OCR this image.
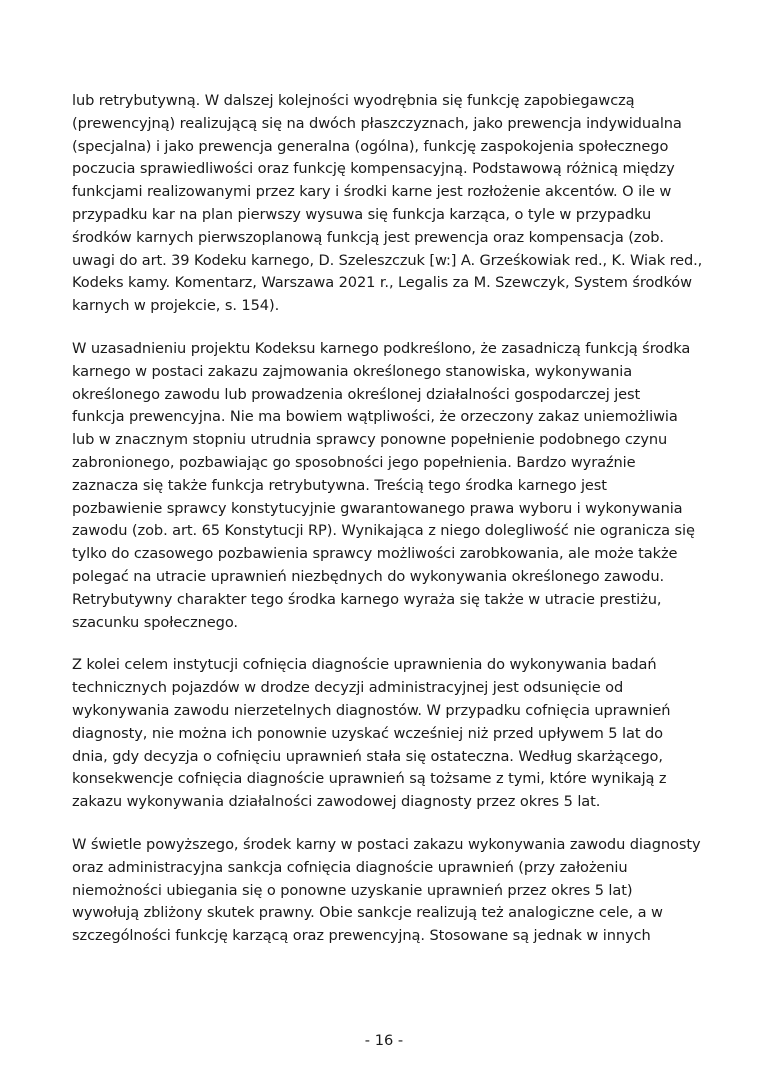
lub retrybutywną. W dalszej kolejności wyodrębnia się funkcję zapobiegawczą
(prewencyjną) realizującą się na dwóch płaszczyznach, jako prewencja indywidualna
(specjalna) i jako prewencja generalna (ogólna), funkcję zaspokojenia społecznego
poczucia sprawiedliwości oraz funkcję kompensacyjną. Podstawową różnicą między
funkcjami realizowanymi przez kary i środki karne jest rozłożenie akcentów. O ile w
przypadku kar na plan pierwszy wysuwa się funkcja karząca, o tyle w przypadku
środków karnych pierwszoplanową funkcją jest prewencja oraz kompensacja (zob.
uwagi do art. 39 Kodeku karnego, D. Szeleszczuk [w:] A. Grześkowiak red., K. Wiak red.,
Kodeks kamy. Komentarz, Warszawa 2021 r., Legalis za M. Szewczyk, System środków
karnych w projekcie, s. 154).

W uzasadnieniu projektu Kodeksu karnego podkreślono, że zasadniczą funkcją środka
karnego w postaci zakazu zajmowania określonego stanowiska, wykonywania
określonego zawodu lub prowadzenia określonej działalności gospodarczej jest
funkcja prewencyjna. Nie ma bowiem wątpliwości, że orzeczony zakaz uniemożliwia
lub w znacznym stopniu utrudnia sprawcy ponowne popełnienie podobnego czynu
zabronionego, pozbawiając go sposobności jego popełnienia. Bardzo wyraźnie
zaznacza się także funkcja retrybutywna. Treścią tego środka karnego jest
pozbawienie sprawcy konstytucyjnie gwarantowanego prawa wyboru i wykonywania
zawodu (zob. art. 65 Konstytucji RP). Wynikająca z niego dolegliwość nie ogranicza się
tylko do czasowego pozbawienia sprawcy możliwości zarobkowania, ale może także
polegać na utracie uprawnień niezbędnych do wykonywania określonego zawodu.
Retrybutywny charakter tego środka karnego wyraża się także w utracie prestiżu,
szacunku społecznego.

Z kolei celem instytucji cofnięcia diagnoście uprawnienia do wykonywania badań
technicznych pojazdów w drodze decyzji administracyjnej jest odsunięcie od
wykonywania zawodu nierzetelnych diagnostów. W przypadku cofnięcia uprawnień
diagnosty, nie można ich ponownie uzyskać wcześniej niż przed upływem 5 lat do
dnia, gdy decyzja o cofnięciu uprawnień stała się ostateczna. Według skarżącego,
konsekwencje cofnięcia diagnoście uprawnień są tożsame z tymi, które wynikają z
zakazu wykonywania działalności zawodowej diagnosty przez okres 5 lat.

W świetle powyższego, środek karny w postaci zakazu wykonywania zawodu diagnosty
oraz administracyjna sankcja cofnięcia diagnoście uprawnień (przy założeniu
niemożności ubiegania się o ponowne uzyskanie uprawnień przez okres 5 lat)
wywołują zbliżony skutek prawny. Obie sankcje realizują też analogiczne cele, a w
szczególności funkcję karzącą oraz prewencyjną. Stosowane są jednak w innych

- 16 -
